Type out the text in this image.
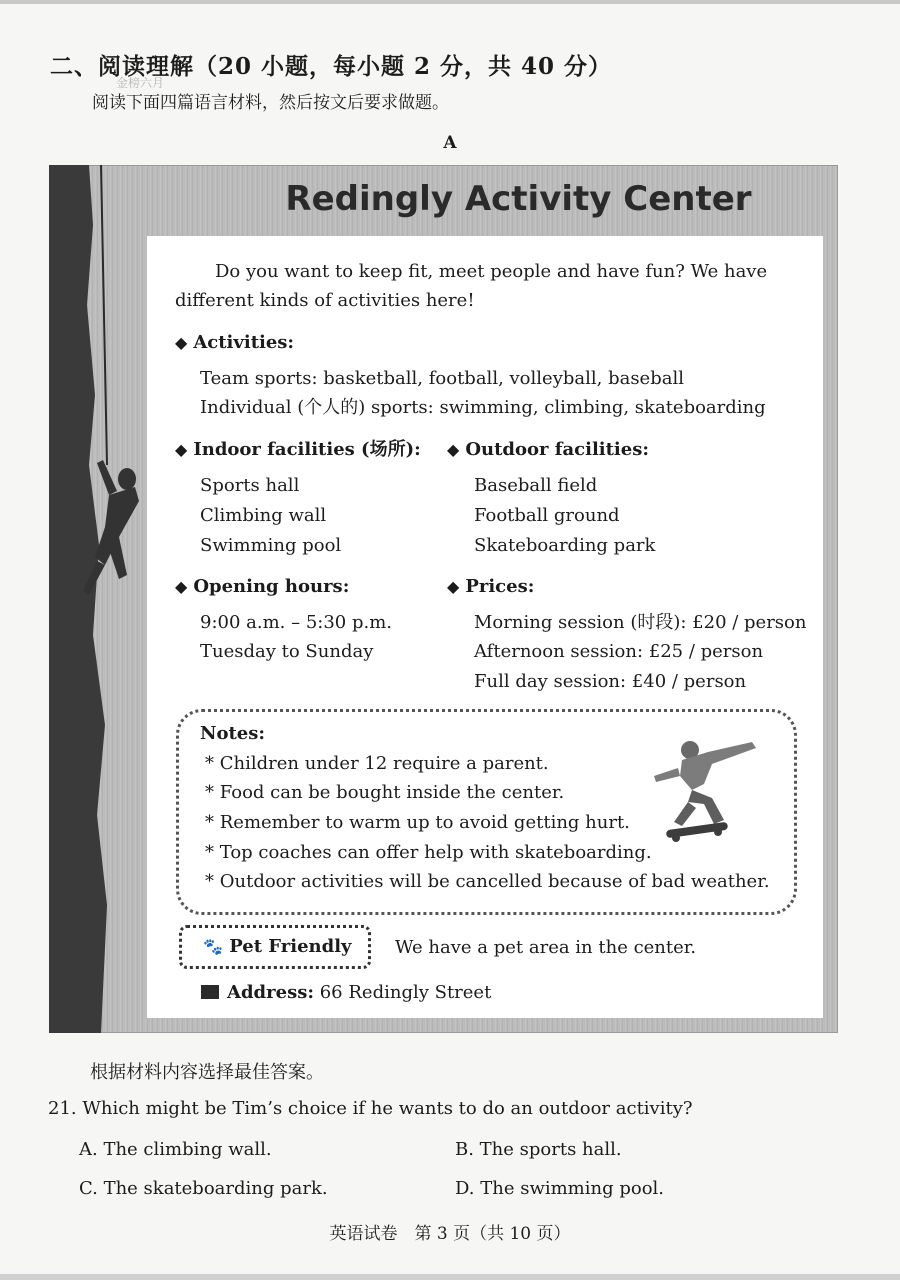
二、阅读理解（20 小题，每小题 2 分，共 40 分）
金榜六月
阅读下面四篇语言材料，然后按文后要求做题。
A
Redingly Activity Center
Do you want to keep fit, meet people and have fun? We have
different kinds of activities here!
◆ Activities:
Team sports: basketball, football, volleyball, baseball
Individual (个人的) sports: swimming, climbing, skateboarding
◆ Indoor facilities (场所):
Sports hall
Climbing wall
Swimming pool
◆ Outdoor facilities:
Baseball field
Football ground
Skateboarding park
◆ Opening hours:
9:00 a.m. – 5:30 p.m.
Tuesday to Sunday
◆ Prices:
Morning session (时段): £20 / person
Afternoon session: £25 / person
Full day session: £40 / person
Notes:
* Children under 12 require a parent.
* Food can be bought inside the center.
* Remember to warm up to avoid getting hurt.
* Top coaches can offer help with skateboarding.
* Outdoor activities will be cancelled because of bad weather.
🐾 Pet Friendly We have a pet area in the center.
Address: 66 Redingly Street
根据材料内容选择最佳答案。
21. Which might be Tim’s choice if he wants to do an outdoor activity?
A. The climbing wall.	B. The sports hall.
C. The skateboarding park.	D. The swimming pool.
英语试卷　第 3 页（共 10 页）
